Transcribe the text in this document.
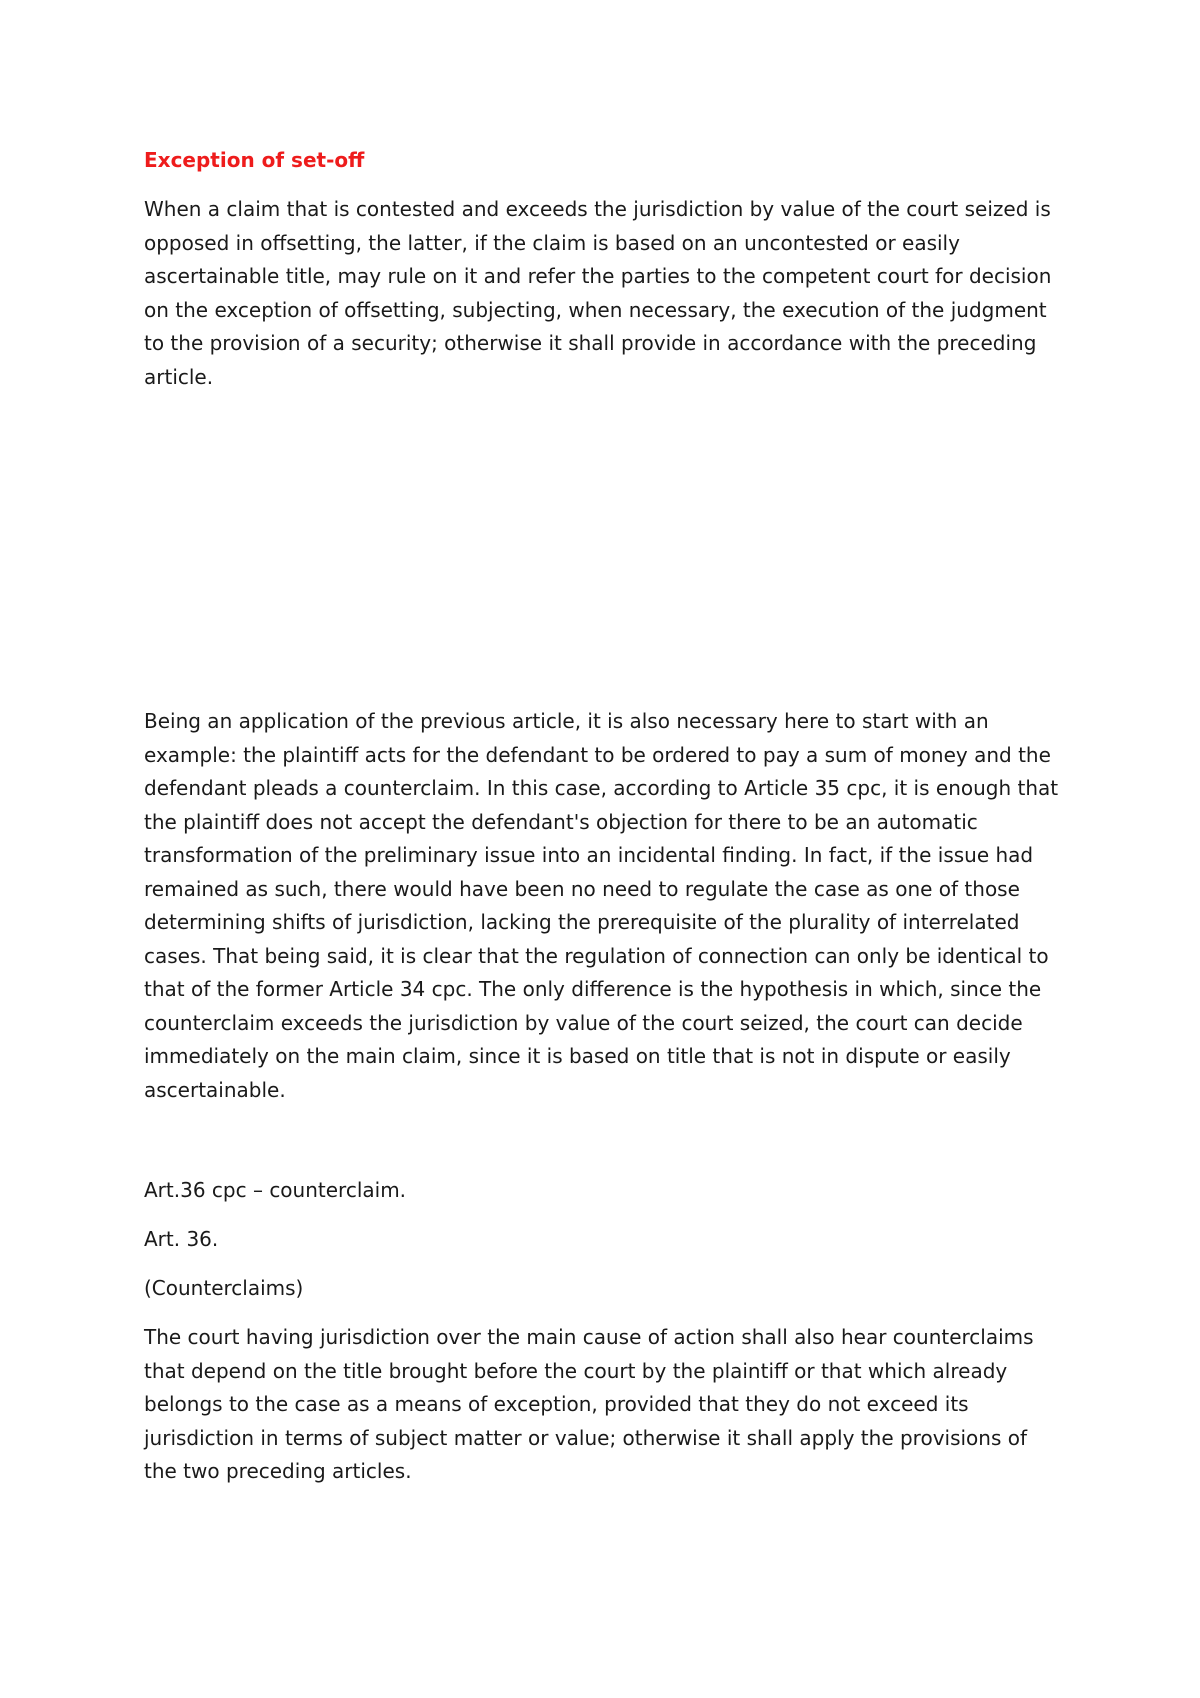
Exception of set-off

When a claim that is contested and exceeds the jurisdiction by value of the court seized is opposed in offsetting, the latter, if the claim is based on an uncontested or easily ascertainable title, may rule on it and refer the parties to the competent court for decision on the exception of offsetting, subjecting, when necessary, the execution of the judgment to the provision of a security; otherwise it shall provide in accordance with the preceding article.

Being an application of the previous article, it is also necessary here to start with an example: the plaintiff acts for the defendant to be ordered to pay a sum of money and the defendant pleads a counterclaim. In this case, according to Article 35 cpc, it is enough that the plaintiff does not accept the defendant's objection for there to be an automatic transformation of the preliminary issue into an incidental finding. In fact, if the issue had remained as such, there would have been no need to regulate the case as one of those determining shifts of jurisdiction, lacking the prerequisite of the plurality of interrelated cases. That being said, it is clear that the regulation of connection can only be identical to that of the former Article 34 cpc. The only difference is the hypothesis in which, since the counterclaim exceeds the jurisdiction by value of the court seized, the court can decide immediately on the main claim, since it is based on title that is not in dispute or easily ascertainable.

Art.36 cpc – counterclaim.

Art. 36.

(Counterclaims)

The court having jurisdiction over the main cause of action shall also hear counterclaims that depend on the title brought before the court by the plaintiff or that which already belongs to the case as a means of exception, provided that they do not exceed its jurisdiction in terms of subject matter or value; otherwise it shall apply the provisions of the two preceding articles.
